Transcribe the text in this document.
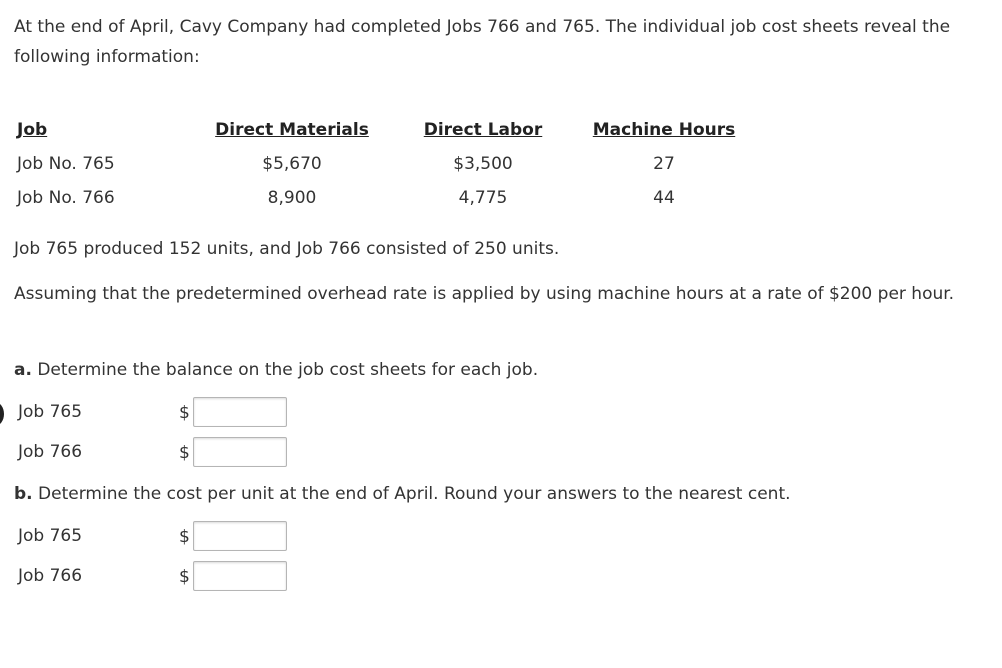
At the end of April, Cavy Company had completed Jobs 766 and 765. The individual job cost sheets reveal the following information:

Job	Direct Materials	Direct Labor	Machine Hours
Job No. 765	$5,670	$3,500	27
Job No. 766	8,900	4,775	44

Job 765 produced 152 units, and Job 766 consisted of 250 units.

Assuming that the predetermined overhead rate is applied by using machine hours at a rate of $200 per hour.

a. Determine the balance on the job cost sheets for each job.

Job 765	$
Job 766	$

b. Determine the cost per unit at the end of April. Round your answers to the nearest cent.

Job 765	$
Job 766	$
